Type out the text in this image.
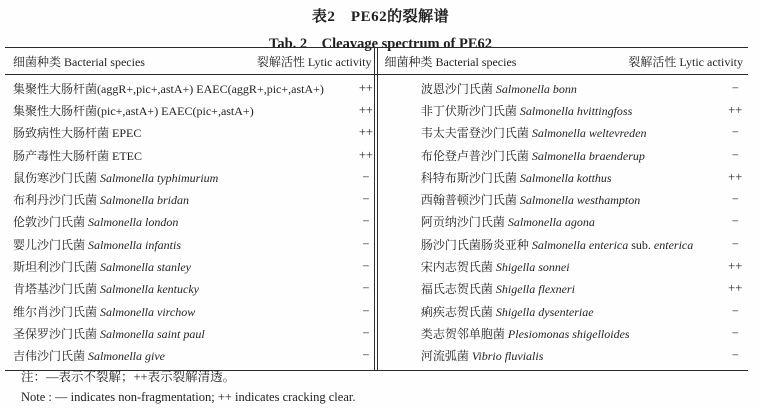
表2　PE62的裂解谱
Tab. 2　Cleavage spectrum of PE62
细菌种类 Bacterial species	裂解活性 Lytic activity 细菌种类 Bacterial species	裂解活性 Lytic activity
集聚性大肠杆菌(aggR+,pic+,astA+) EAEC(aggR+,pic+,astA+)	++
集聚性大肠杆菌(pic+,astA+) EAEC(pic+,astA+)	++
肠致病性大肠杆菌 EPEC	++
肠产毒性大肠杆菌 ETEC	++
鼠伤寒沙门氏菌 Salmonella typhimurium	−
布利丹沙门氏菌 Salmonella bridan	−
伦敦沙门氏菌 Salmonella london	−
婴儿沙门氏菌 Salmonella infantis	−
斯坦利沙门氏菌 Salmonella stanley	−
肯塔基沙门氏菌 Salmonella kentucky	−
维尔肖沙门氏菌 Salmonella virchow	−
圣保罗沙门氏菌 Salmonella saint paul	−
吉伟沙门氏菌 Salmonella give	−
波恩沙门氏菌 Salmonella bonn	−
非丁伏斯沙门氏菌 Salmonella hvittingfoss	++
韦太夫雷登沙门氏菌 Salmonella weltevreden	−
布伦登卢普沙门氏菌 Salmonella braenderup	−
科特布斯沙门氏菌 Salmonella kotthus	++
西翰普顿沙门氏菌 Salmonella westhampton	−
阿贡纳沙门氏菌 Salmonella agona	−
肠沙门氏菌肠炎亚种 Salmonella enterica sub. enterica	−
宋内志贺氏菌 Shigella sonnei	++
福氏志贺氏菌 Shigella flexneri	++
痢疾志贺氏菌 Shigella dysenteriae	−
类志贺邻单胞菌 Plesiomonas shigelloides	−
河流弧菌 Vibrio fluvialis	−
注：—表示不裂解；++表示裂解清透。
Note : — indicates non-fragmentation; ++ indicates cracking clear.
